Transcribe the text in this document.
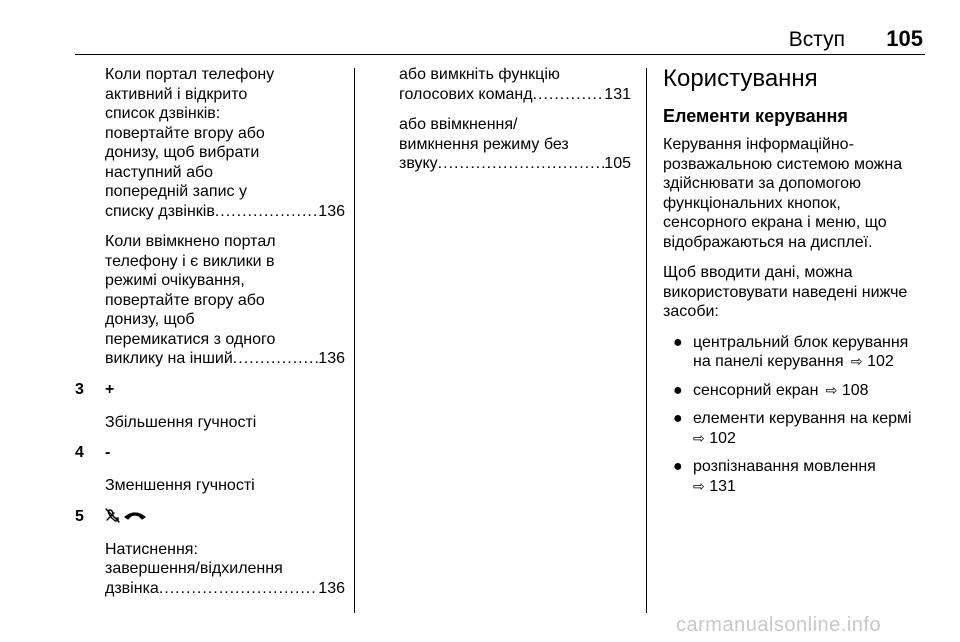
Вступ 105
Коли портал телефону
активний і відкрито
список дзвінків:
повертайте вгору або
донизу, щоб вибрати
наступний або
попередній запис у
списку дзвінків .....	136
Коли ввімкнено портал
телефону і є виклики в
режимі очікування,
повертайте вгору або
донизу, щоб
перемикатися з одного
виклику на інший .....	136
3 +
Збільшення гучності
4 -
Зменшення гучності
5
Натиснення:
завершення/відхилення
дзвінка .....	136
або вимкніть функцію
голосових команд .....	131
або ввімкнення/
вимкнення режиму без
звуку .....	105
Користування
Елементи керування
Керування інформаційно-
розважальною системою можна
здійснювати за допомогою
функціональних кнопок,
сенсорного екрана і меню, що
відображаються на дисплеї.
Щоб вводити дані, можна
використовувати наведені нижче
засоби:
● центральний блок керування
на панелі керування  ⇨ 102
● сенсорний екран  ⇨ 108
● елементи керування на кермі
⇨ 102
● розпізнавання мовлення
⇨ 131
carmanualsonline.info
